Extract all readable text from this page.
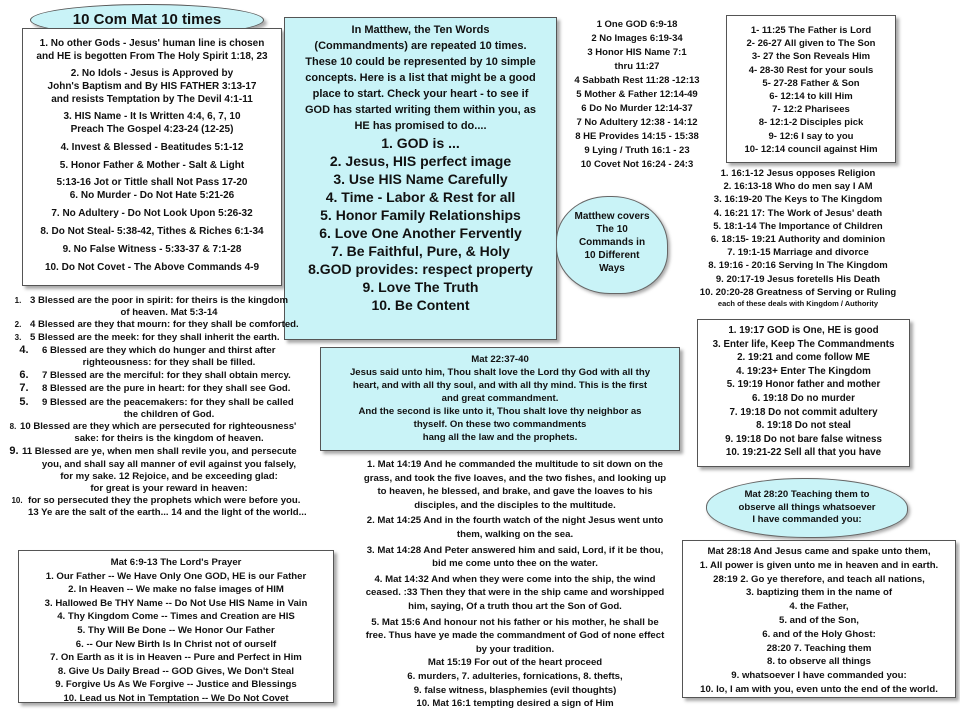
10 Com Mat 10 times
1. No other Gods - Jesus' human line is chosen
and HE is begotten From The Holy Spirit 1:18, 23
2. No Idols - Jesus is Approved by
John's Baptism and By HIS FATHER 3:13-17
and resists Temptation by The Devil 4:1-11
3. HIS Name - It Is Written 4:4, 6, 7, 10
Preach The Gospel 4:23-24 (12-25)
4. Invest & Blessed - Beatitudes 5:1-12
5. Honor Father & Mother - Salt & Light
5:13-16 Jot or Tittle shall Not Pass 17-20
6. No Murder - Do Not Hate 5:21-26
7. No Adultery - Do Not Look Upon 5:26-32
8. Do Not Steal- 5:38-42, Tithes & Riches 6:1-34
9. No False Witness - 5:33-37 & 7:1-28
10. Do Not Covet - The Above Commands 4-9
In Matthew, the Ten Words
(Commandments) are repeated 10 times.
These 10 could be represented by 10 simple
concepts. Here is a list that might be a good
place to start. Check your heart - to see if
GOD has started writing them within you, as
HE has promised to do....
1. GOD is ...
2. Jesus, HIS perfect image
3. Use HIS Name Carefully
4. Time - Labor & Rest for all
5. Honor Family Relationships
6. Love One Another Fervently
7. Be Faithful, Pure, & Holy
8.GOD provides: respect property
9. Love The Truth
10. Be Content
1 One GOD 6:9-18
2 No Images 6:19-34
3 Honor HIS Name 7:1
thru 11:27
4 Sabbath Rest 11:28 -12:13
5 Mother & Father 12:14-49
6 Do No Murder 12:14-37
7 No Adultery 12:38 - 14:12
8 HE Provides 14:15 - 15:38
9 Lying / Truth 16:1 - 23
10 Covet Not 16:24 - 24:3
1- 11:25 The Father is Lord
2- 26-27 All given to The Son
3- 27 the Son Reveals Him
4- 28-30 Rest for your souls
5- 27-28 Father & Son
6- 12:14 to kill Him
7- 12:2 Pharisees
8- 12:1-2 Disciples pick
9- 12:6 I say to you
10- 12:14 council against Him
Matthew covers
The 10
Commands in
10 Different
Ways
1. 16:1-12 Jesus opposes Religion
2. 16:13-18 Who do men say I AM
3. 16:19-20 The Keys to The Kingdom
4. 16:21 17: The Work of Jesus' death
5. 18:1-14 The Importance of Children
6. 18:15- 19:21 Authority and dominion
7. 19:1-15 Marriage and divorce
8. 19:16 - 20:16 Serving In The Kingdom
9. 20:17-19 Jesus foretells His Death
10. 20:20-28 Greatness of Serving or Ruling
each of these deals with Kingdom / Authority
1. 3 Blessed are the poor in spirit: for theirs is the kingdom
of heaven. Mat 5:3-14
2. 4 Blessed are they that mourn: for they shall be comforted.
3. 5 Blessed are the meek: for they shall inherit the earth.
4. 6 Blessed are they which do hunger and thirst after
righteousness: for they shall be filled.
6. 7 Blessed are the merciful: for they shall obtain mercy.
7. 8 Blessed are the pure in heart: for they shall see God.
5. 9 Blessed are the peacemakers: for they shall be called
the children of God.
8. 10 Blessed are they which are persecuted for righteousness'
sake: for theirs is the kingdom of heaven.
9. 11 Blessed are ye, when men shall revile you, and persecute
you, and shall say all manner of evil against you falsely,
for my sake. 12 Rejoice, and be exceeding glad:
for great is your reward in heaven:
10. for so persecuted they the prophets which were before you.
13 Ye are the salt of the earth... 14 and the light of the world...
Mat 22:37-40
Jesus said unto him, Thou shalt love the Lord thy God with all thy
heart, and with all thy soul, and with all thy mind. This is the first
and great commandment.
And the second is like unto it, Thou shalt love thy neighbor as
thyself. On these two commandments
hang all the law and the prophets.
1. 19:17 GOD is One, HE is good
3. Enter life, Keep The Commandments
2. 19:21 and come follow ME
4. 19:23+ Enter The Kingdom
5. 19:19 Honor father and mother
6. 19:18 Do no murder
7. 19:18 Do not commit adultery
8. 19:18 Do not steal
9. 19:18 Do not bare false witness
10. 19:21-22 Sell all that you have
Mat 28:20 Teaching them to
observe all things whatsoever
I have commanded you:
1. Mat 14:19 And he commanded the multitude to sit down on the
grass, and took the five loaves, and the two fishes, and looking up
to heaven, he blessed, and brake, and gave the loaves to his
disciples, and the disciples to the multitude.
2. Mat 14:25 And in the fourth watch of the night Jesus went unto
them, walking on the sea.
3. Mat 14:28 And Peter answered him and said, Lord, if it be thou,
bid me come unto thee on the water.
4. Mat 14:32 And when they were come into the ship, the wind
ceased. :33 Then they that were in the ship came and worshipped
him, saying, Of a truth thou art the Son of God.
5. Mat 15:6 And honour not his father or his mother, he shall be
free. Thus have ye made the commandment of God of none effect
by your tradition.
Mat 15:19 For out of the heart proceed
6. murders, 7. adulteries, fornications, 8. thefts,
9. false witness, blasphemies (evil thoughts)
10. Mat 16:1 tempting desired a sign of Him
Mat 6:9-13 The Lord's Prayer
1. Our Father -- We Have Only One GOD, HE is our Father
2. In Heaven -- We make no false images of HIM
3. Hallowed Be THY Name -- Do Not Use HIS Name in Vain
4. Thy Kingdom Come -- Times and Creation are HIS
5. Thy Will Be Done -- We Honor Our Father
6. -- Our New Birth Is In Christ not of ourself
7. On Earth as it is in Heaven -- Pure and Perfect in Him
8. Give Us Daily Bread -- GOD Gives, We Don't Steal
9. Forgive Us As We Forgive -- Justice and Blessings
10. Lead us Not in Temptation -- We Do Not Covet
Mat 28:18 And Jesus came and spake unto them,
1. All power is given unto me in heaven and in earth.
28:19 2. Go ye therefore, and teach all nations,
3. baptizing them in the name of
4. the Father,
5. and of the Son,
6. and of the Holy Ghost:
28:20 7. Teaching them
8. to observe all things
9. whatsoever I have commanded you:
10. lo, I am with you, even unto the end of the world.
